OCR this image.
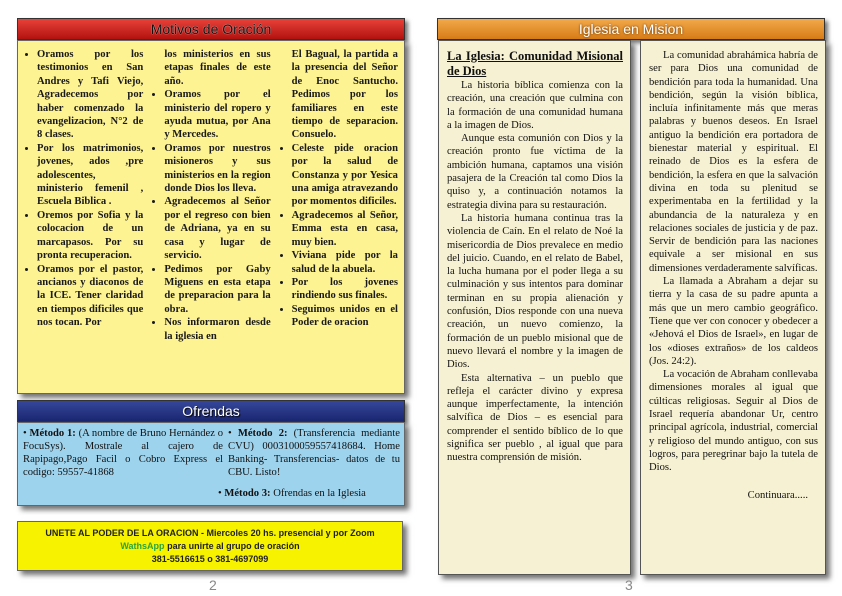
Motivos de Oración
• Oramos por los testimonios en San Andres y Tafi Viejo, Agradecemos por haber comenzado la evangelizacion, N°2 de 8 clases.
• Por los matrimonios, jovenes, ados ,pre adolescentes, ministerio femenil , Escuela Biblica .
• Oremos por Sofia y la colocacion de un marcapasos. Por su pronta recuperacion.
• Oramos por el pastor, ancianos y diaconos de la ICE. Tener claridad en tiempos dificiles que nos tocan. Por
los ministerios en sus etapas finales de este año.
• Oramos por el ministerio del ropero y ayuda mutua, por Ana y Mercedes.
• Oramos por nuestros misioneros y sus ministerios en la region donde Dios los lleva.
• Agradecemos al Señor por el regreso con bien de Adriana, ya en su casa y lugar de servicio.
• Pedimos por Gaby Miguens en esta etapa de preparacion para la obra.
• Nos informaron desde la iglesia en
El Bagual, la partida a la presencia del Señor de Enoc Santucho. Pedimos por los familiares en este tiempo de separacion. Consuelo.
• Celeste pide oracion por la salud de Constanza y por Yesica una amiga atravezando por momentos dificiles.
• Agradecemos al Señor, Emma esta en casa, muy bien.
• Viviana pide por la salud de la abuela.
• Por los jovenes rindiendo sus finales.
• Seguimos unidos en el Poder de oracion
Ofrendas
• Método 1: (A nombre de Bruno Hernández o FocuSys). Mostrale al cajero de Rapipago,Pago Facil o Cobro Express el codigo: 59557-41868
• Método 2: (Transferencia mediante CVU) 0003100059557418684. Home Banking- Transferencias- datos de tu CBU. Listo!
• Método 3: Ofrendas en la Iglesia
UNETE AL PODER DE LA ORACION - Miercoles 20 hs. presencial y por Zoom
WathsApp para unirte al grupo de oración
381-5516615 o 381-4697099
2
Iglesia en Mision

La Iglesia: Comunidad Misional de Dios

La historia bíblica comienza con la creación, una creación que culmina con la formación de una comunidad humana a la imagen de Dios.

Aunque esta comunión con Dios y la creación pronto fue víctima de la ambición humana, captamos una visión pasajera de la Creación tal como Dios la quiso y, a continuación notamos la estrategia divina para su restauración.

La historia humana continua tras la violencia de Caín. En el relato de Noé la misericordia de Dios prevalece en medio del juicio. Cuando, en el relato de Babel, la lucha humana por el poder llega a su culminación y sus intentos para dominar terminan en su propia alienación y confusión, Dios responde con una nueva creación, un nuevo comienzo, la formación de un pueblo misional que de nuevo llevará el nombre y la imagen de Dios.

Esta alternativa – un pueblo que refleja el carácter divino y expresa aunque imperfectamente, la intención salvífica de Dios – es esencial para comprender el sentido bíblico de lo que significa ser pueblo , al igual que para nuestra comprensión de misión.

La comunidad abrahámica habría de ser para Dios una comunidad de bendición para toda la humanidad. Una bendición, según la visión bíblica, incluía infinitamente más que meras palabras y buenos deseos. En Israel antiguo la bendición era portadora de bienestar material y espiritual. El reinado de Dios es la esfera de bendición, la esfera en que la salvación divina en toda su plenitud se experimentaba en la fertilidad y la abundancia de la naturaleza y en relaciones sociales de justicia y de paz. Servir de bendición para las naciones equivale a ser misional en sus dimensiones verdaderamente salvíficas.

La llamada a Abraham a dejar su tierra y la casa de su padre apunta a más que un mero cambio geográfico. Tiene que ver con conocer y obedecer a «Jehová el Dios de Israel», en lugar de los «dioses extraños» de los caldeos (Jos. 24:2).

La vocación de Abraham conllevaba dimensiones morales al igual que cúlticas religiosas. Seguir al Dios de Israel requería abandonar Ur, centro principal agrícola, industrial, comercial y religioso del mundo antiguo, con sus logros, para peregrinar bajo la tutela de Dios.

Continuara.....

3
